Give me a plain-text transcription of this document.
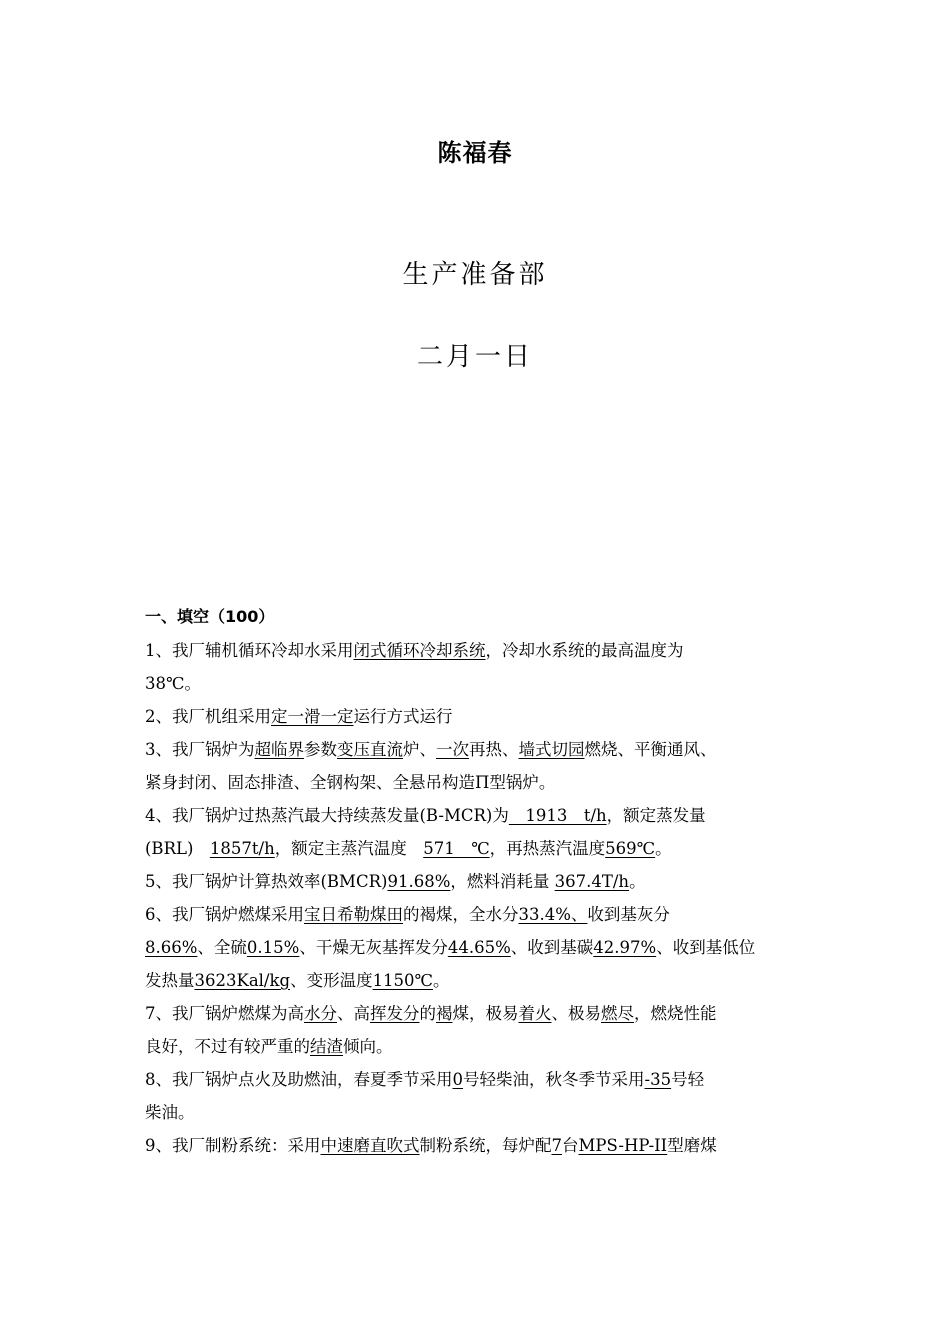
陈福春
生产准备部
二月一日
一、填空（100）
1、我厂辅机循环冷却水采用闭式循环冷却系统，冷却水系统的最高温度为
38℃。
2、我厂机组采用定一滑一定运行方式运行
3、我厂锅炉为超临界参数变压直流炉、一次再热、墙式切园燃烧、平衡通风、
紧身封闭、固态排渣、全钢构架、全悬吊构造Π型锅炉。
4、我厂锅炉过热蒸汽最大持续蒸发量(B-MCR)为　1913　t/h，额定蒸发量
(BRL)　1857t/h，额定主蒸汽温度　571　℃，再热蒸汽温度569℃。
5、我厂锅炉计算热效率(BMCR)91.68%，燃料消耗量 367.4T/h。
6、我厂锅炉燃煤采用宝日希勒煤田的褐煤，全水分33.4%、收到基灰分
8.66%、全硫0.15%、干燥无灰基挥发分44.65%、收到基碳42.97%、收到基低位
发热量3623Kal/kg、变形温度1150℃。
7、我厂锅炉燃煤为高水分、高挥发分的褐煤，极易着火、极易燃尽，燃烧性能
良好，不过有较严重的结渣倾向。
8、我厂锅炉点火及助燃油，春夏季节采用0号轻柴油，秋冬季节采用-35号轻
柴油。
9、我厂制粉系统：采用中速磨直吹式制粉系统，每炉配7台MPS-HP-II型磨煤
